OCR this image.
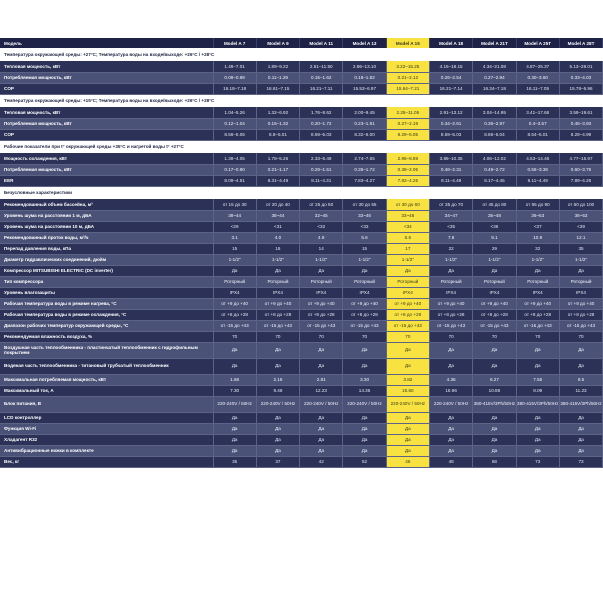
Модель	Model A 7	Model A 9	Model A 11	Model A 13	Model A 15	Model A 18	Model A 21T	Model A 25T	Model A 28T
Температура окружающей среды: +27°C; Температура воды на входе/выходе: +26°C / +28°C									
Тепловая мощность, кВт	1.48–7.01	1.89–9.22	2.51–11.50	2.86–13.10	3.22–15.25	4.15–18.15	4.34–21.08	4.87–25.37	5.13–28.01
Потребляемая мощность, кВт	0.09–0.98	0.11–1.29	0.15–1.62	0.18–1.82	0.21–2.12	0.26–2.54	0.27–2.94	0.30–3.60	0.33–4.03
COP	16.18–7.18	16.61–7.15	16.21–7.11	15.53–6.97	15.64–7.21	16.21–7.14	16.34–7.18	16.11–7.05	15.78–6.96
Температура окружающей среды: +15°C; Температура воды на входе/выходе: +26°C / +28°C									
Тепловая мощность, кВт	1.04–5.26	1.32–6.92	1.76–8.62	2.00–9.45	2.25–11.05	2.91–13.12	3.04–14.95	3.41–17.66	3.59–19.61
Потребляемая мощность, кВт	0.12–1.04	0.15–1.32	0.20–1.72	0.23–1.91	0.27–2.19	0.34–2.61	0.36–2.97	0.4–3.57	0.45–3.93
COP	8.56–5.06	8.8–5.01	8.59–5.03	8.32–5.00	8.29–5.05	8.59–5.03	8.66–5.04	8.54–5.01	8.29–4.99
Рабочие показатели при t° окружающей среды +35°C и нагретой воды t° +27°C									
Мощность охлаждения, кВт	1.38–4.05	1.78–5.26	2.33–6.49	2.74–7.65	2.96–8.89	3.86–10.35	4.06–12.02	4.53–14.46	4.77–15.97
Потребляемая мощность, кВт	0.17–0.90	0.21–1.17	0.29–1.51	0.35–1.72	0.38–2.05	0.48–2.31	0.49–2.72	0.56–3.36	0.60–3.75
EER	8.09–4.51	8.31–4.49	8.11–4.31	7.83–4.27	7.82–4.25	8.11–4.49	8.17–4.45	8.11–4.49	7.89–4.26
Безусловные характеристики									
Рекомендованный объем бассейна, м³	от 15 до 30	от 20 до 40	от 25 до 50	от 30 до 55	от 30 до 60	от 35 до 70	от 45 до 80	от 55 до 90	от 60 до 100
Уровень шума на расстоянии 1 м, дБА	38~44	38~44	32~45	33~46	33~46	34~47	35~48	36~53	36~53
Уровень шума на расстоянии 10 м, дБА	<29	<31	<32	<33	<34	<35	<36	<37	<39
Рекомендованный проток воды, м³/ч	3.1	4.0	4.9	5.6	6.6	7.8	9.1	10.9	12.1
Перепад давления воды, кПа	15	16	14	15	17	22	29	32	35
Диаметр гидравлических соединений, дюйм	1-1/2"	1-1/2"	1-1/2"	1-1/2"	1-1/2"	1-1/2"	1-1/2"	1-1/2"	1-1/2"
Компрессор MITSUBISHI ELECTRIC (DC inverter)	Да	Да	Да	Да	Да	Да	Да	Да	Да
Тип компрессора	Роторный	Роторный	Роторный	Роторный	Роторный	Роторный	Роторный	Роторный	Роторный
Уровень влагозащиты	IPX4	IPX4	IPX4	IPX4	IPX4	IPX4	IPX4	IPX4	IPX4
Рабочая температура воды в режиме нагрева, °С	от +9 до +40	от +9 до +40	от +9 до +40	от +9 до +40	от +9 до +40	от +9 до +40	от +9 до +40	от +9 до +40	от +9 до +40
Рабочая температура воды в режиме охлаждения, °С	от +8 до +28	от +8 до +28	от +8 до +28	от +8 до +28	от +8 до +28	от +8 до +28	от +8 до +28	от +8 до +28	от +8 до +28
Диапазон рабочих температур окружающей среды, °С	от -15 до +43	от -15 до +43	от -15 до +43	от -15 до +43	от -15 до +43	от -15 до +43	от -15 до +43	от -15 до +43	от -15 до +43
Рекомендуемая влажность воздуха, %	70	70	70	70	70	70	70	70	70
Воздушная часть теплообменника - пластинчатый теплообменник с гидрофильным покрытием	Да	Да	Да	Да	Да	Да	Да	Да	Да
Водяная часть теплообменника - титановый трубчатый теплообменник	Да	Да	Да	Да	Да	Да	Да	Да	Да
Максимальная потребляемая мощность, кВт	1.68	2.18	2.81	3.30	3.82	4.36	6.27	7.55	8.5
Максимальный ток, А	7.30	9.48	12.23	14.35	16.60	18.96	10.88	8.09	11.23
Блок питания, В	220-240V / 50Hz	220-240V / 50Hz	220-240V / 50Hz	220-240V / 50Hz	220-240V / 50Hz	220-240V / 50Hz	380-415V/3Ph/50Hz	380-415V/3Ph/50Hz	380-415V/3Ph/50Hz
LCD контроллер	Да	Да	Да	Да	Да	Да	Да	Да	Да
Функция Wi-Fi	Да	Да	Да	Да	Да	Да	Да	Да	Да
Хладагент R32	Да	Да	Да	Да	Да	Да	Да	Да	Да
Антивибрационные ножки в комплекте	Да	Да	Да	Да	Да	Да	Да	Да	Да
Вес, кг	35	37	42	52	46	48	68	73	73
